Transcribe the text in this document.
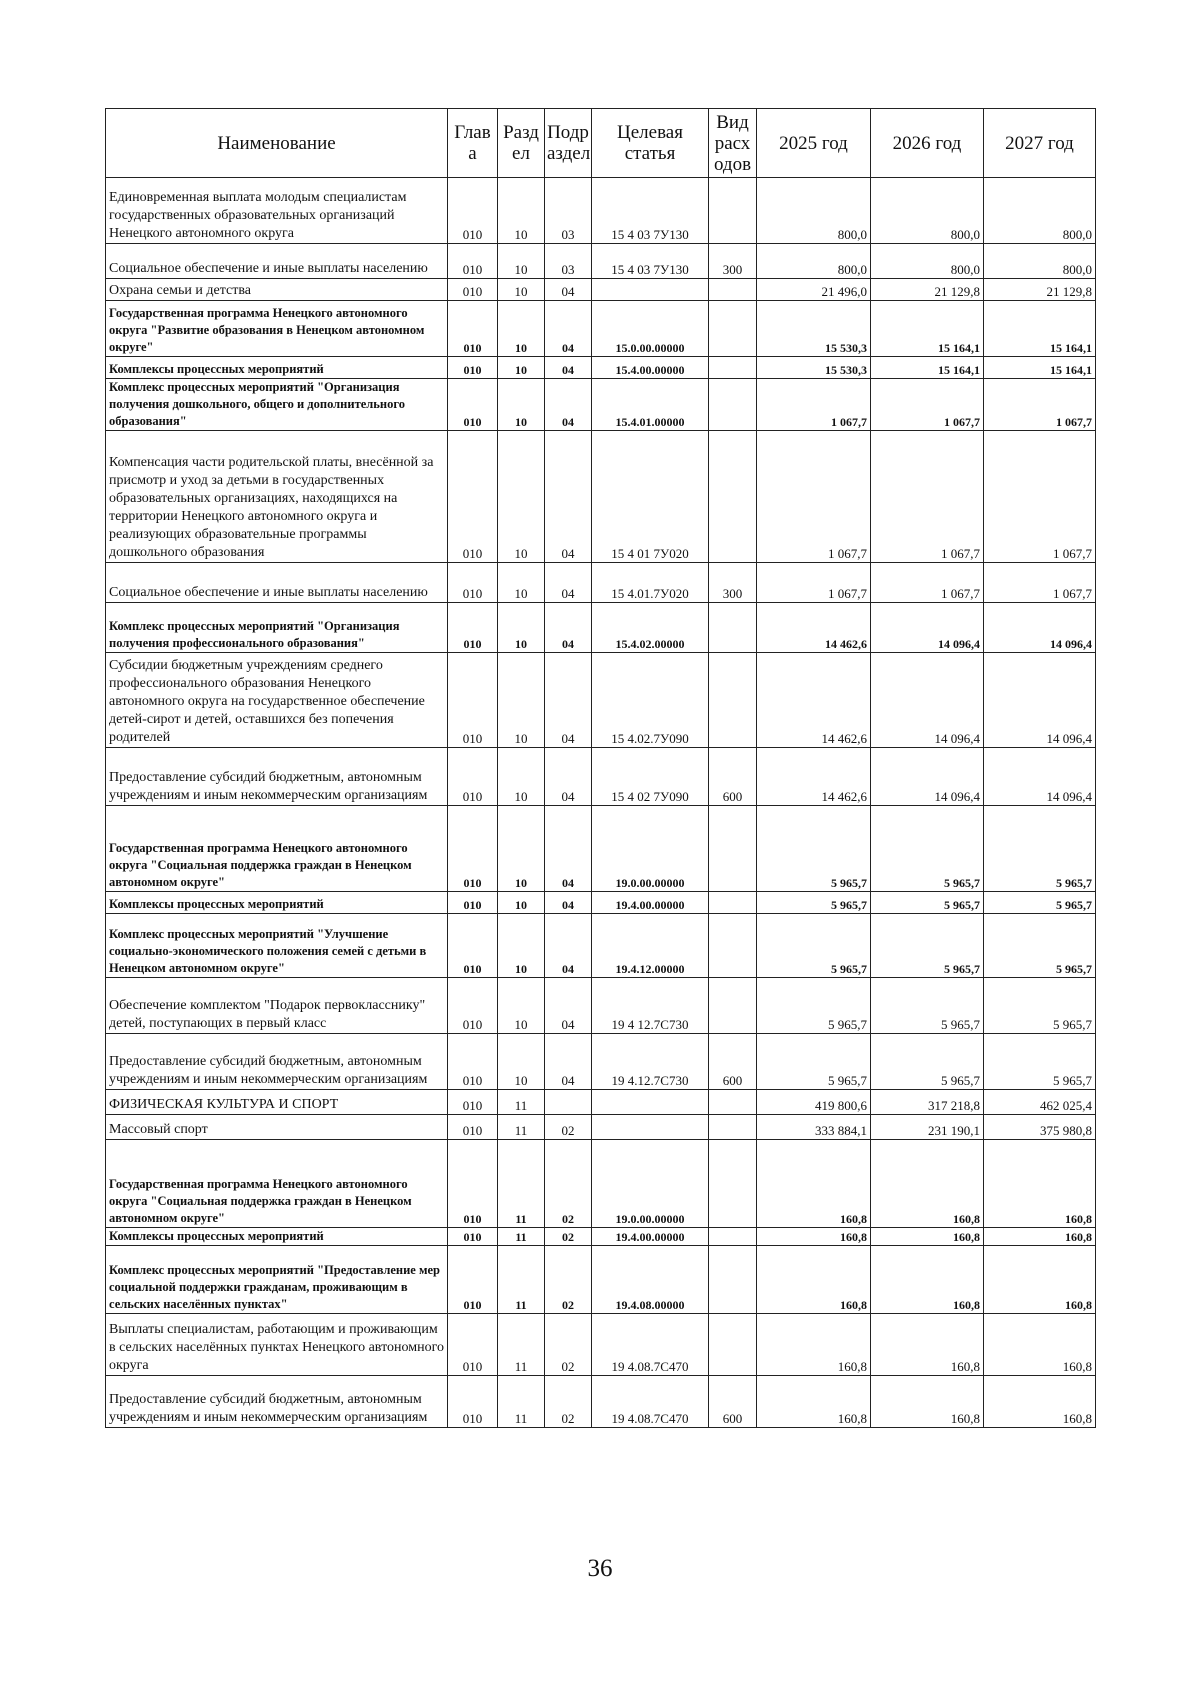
Наименование	Глав а	Разд ел	Подр аздел	Целевая статья	Вид расх одов	2025 год	2026 год	2027 год
Единовременная выплата молодым специалистам государственных образовательных организаций Ненецкого автономного округа	010	10	03	15 4 03 7У130		800,0	800,0	800,0
Социальное обеспечение и иные выплаты населению	010	10	03	15 4 03 7У130	300	800,0	800,0	800,0
Охрана семьи и детства	010	10	04			21 496,0	21 129,8	21 129,8
Государственная программа Ненецкого автономного округа "Развитие образования в Ненецком автономном округе"	010	10	04	15.0.00.00000		15 530,3	15 164,1	15 164,1
Комплексы процессных мероприятий	010	10	04	15.4.00.00000		15 530,3	15 164,1	15 164,1
Комплекс процессных мероприятий "Организация получения дошкольного, общего и дополнительного образования"	010	10	04	15.4.01.00000		1 067,7	1 067,7	1 067,7
Компенсация части родительской платы, внесённой за присмотр и уход за детьми в государственных образовательных организациях, находящихся на территории Ненецкого автономного округа и реализующих образовательные программы дошкольного образования	010	10	04	15 4 01 7У020		1 067,7	1 067,7	1 067,7
Социальное обеспечение и иные выплаты населению	010	10	04	15 4.01.7У020	300	1 067,7	1 067,7	1 067,7
Комплекс процессных мероприятий "Организация получения профессионального образования"	010	10	04	15.4.02.00000		14 462,6	14 096,4	14 096,4
Субсидии бюджетным учреждениям среднего профессионального образования Ненецкого автономного округа на государственное обеспечение детей-сирот и детей, оставшихся без попечения родителей	010	10	04	15 4.02.7У090		14 462,6	14 096,4	14 096,4
Предоставление субсидий бюджетным, автономным учреждениям и иным некоммерческим организациям	010	10	04	15 4 02 7У090	600	14 462,6	14 096,4	14 096,4
Государственная программа Ненецкого автономного округа "Социальная поддержка граждан в Ненецком автономном округе"	010	10	04	19.0.00.00000		5 965,7	5 965,7	5 965,7
Комплексы процессных мероприятий	010	10	04	19.4.00.00000		5 965,7	5 965,7	5 965,7
Комплекс процессных мероприятий "Улучшение социально-экономического положения семей с детьми в Ненецком автономном округе"	010	10	04	19.4.12.00000		5 965,7	5 965,7	5 965,7
Обеспечение комплектом "Подарок первокласснику" детей, поступающих в первый класс	010	10	04	19 4 12.7С730		5 965,7	5 965,7	5 965,7
Предоставление субсидий бюджетным, автономным учреждениям и иным некоммерческим организациям	010	10	04	19 4.12.7С730	600	5 965,7	5 965,7	5 965,7
ФИЗИЧЕСКАЯ КУЛЬТУРА И СПОРТ	010	11				419 800,6	317 218,8	462 025,4
Массовый спорт	010	11	02			333 884,1	231 190,1	375 980,8
Государственная программа Ненецкого автономного округа "Социальная поддержка граждан в Ненецком автономном округе"	010	11	02	19.0.00.00000		160,8	160,8	160,8
Комплексы процессных мероприятий	010	11	02	19.4.00.00000		160,8	160,8	160,8
Комплекс процессных мероприятий "Предоставление мер социальной поддержки гражданам, проживающим в сельских населённых пунктах"	010	11	02	19.4.08.00000		160,8	160,8	160,8
Выплаты специалистам, работающим и проживающим в сельских населённых пунктах Ненецкого автономного округа	010	11	02	19 4.08.7С470		160,8	160,8	160,8
Предоставление субсидий бюджетным, автономным учреждениям и иным некоммерческим организациям	010	11	02	19 4.08.7С470	600	160,8	160,8	160,8
36
